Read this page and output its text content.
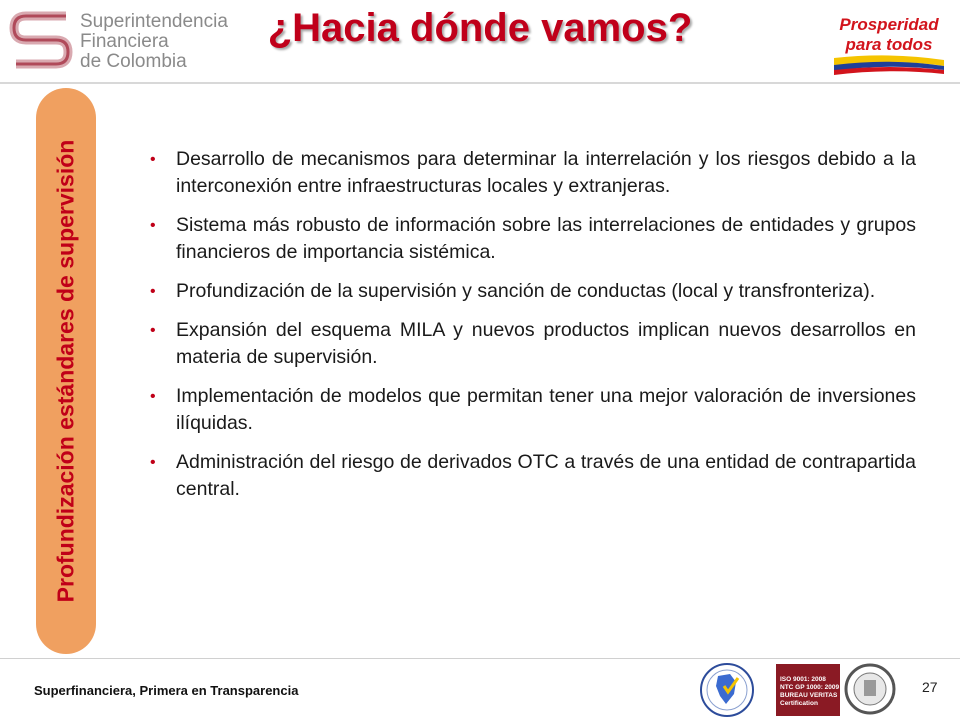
Superintendencia
Financiera
de Colombia
¿Hacia dónde vamos?	Prosperidad
para todos
Profundización estándares de supervisión	• Desarrollo de mecanismos para determinar la interrelación y los riesgos debido a la interconexión entre infraestructuras locales y extranjeras.
• Sistema más robusto de información sobre las interrelaciones de entidades y grupos financieros de importancia sistémica.
• Profundización de la supervisión y sanción de conductas (local y transfronteriza).
• Expansión del esquema MILA y nuevos productos implican nuevos desarrollos en materia de supervisión.
• Implementación de modelos que permitan tener una mejor valoración de inversiones ilíquidas.
• Administración del riesgo de derivados OTC a través de una entidad de contrapartida central.
Superfinanciera, Primera en Transparencia
ISO 9001: 2008
NTC GP 1000: 2009
BUREAU VERITAS
Certification
27
